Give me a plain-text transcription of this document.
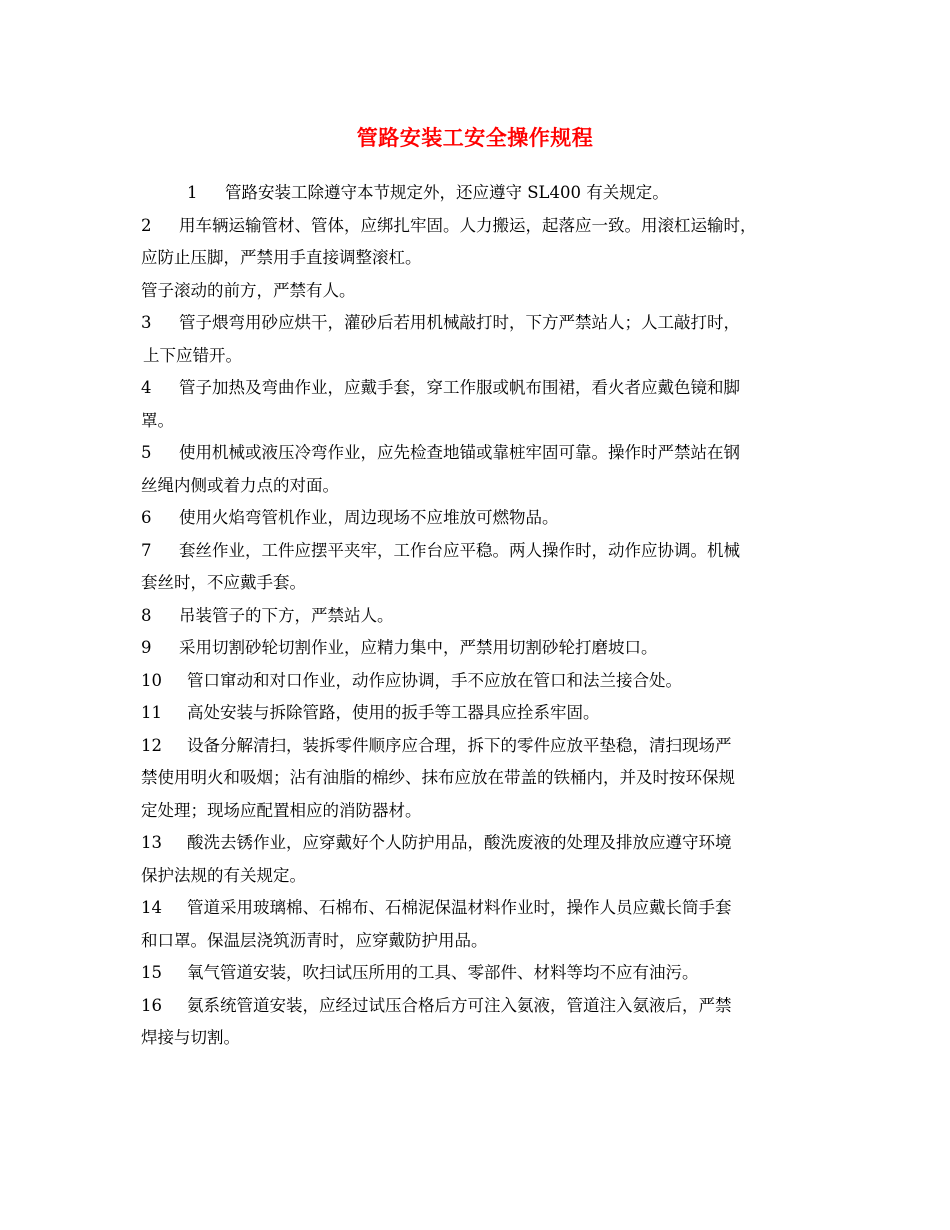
管路安装工安全操作规程
1 管路安装工除遵守本节规定外，还应遵守 SL400 有关规定。
2 用车辆运输管材、管体，应绑扎牢固。人力搬运，起落应一致。用滚杠运输时，
应防止压脚，严禁用手直接调整滚杠。
管子滚动的前方，严禁有人。
3 管子煨弯用砂应烘干，灌砂后若用机械敲打时，下方严禁站人；人工敲打时，
上下应错开。
4 管子加热及弯曲作业，应戴手套，穿工作服或帆布围裙，看火者应戴色镜和脚
罩。
5 使用机械或液压冷弯作业，应先检查地锚或靠桩牢固可靠。操作时严禁站在钢
丝绳内侧或着力点的对面。
6 使用火焰弯管机作业，周边现场不应堆放可燃物品。
7 套丝作业，工件应摆平夹牢，工作台应平稳。两人操作时，动作应协调。机械
套丝时，不应戴手套。
8 吊装管子的下方，严禁站人。
9 采用切割砂轮切割作业，应精力集中，严禁用切割砂轮打磨坡口。
10 管口窜动和对口作业，动作应协调，手不应放在管口和法兰接合处。
11 高处安装与拆除管路，使用的扳手等工器具应拴系牢固。
12 设备分解清扫，装拆零件顺序应合理，拆下的零件应放平垫稳，清扫现场严
禁使用明火和吸烟；沾有油脂的棉纱、抹布应放在带盖的铁桶内，并及时按环保规
定处理；现场应配置相应的消防器材。
13 酸洗去锈作业，应穿戴好个人防护用品，酸洗废液的处理及排放应遵守环境
保护法规的有关规定。
14 管道采用玻璃棉、石棉布、石棉泥保温材料作业时，操作人员应戴长筒手套
和口罩。保温层浇筑沥青时，应穿戴防护用品。
15 氧气管道安装，吹扫试压所用的工具、零部件、材料等均不应有油污。
16 氨系统管道安装，应经过试压合格后方可注入氨液，管道注入氨液后，严禁
焊接与切割。
